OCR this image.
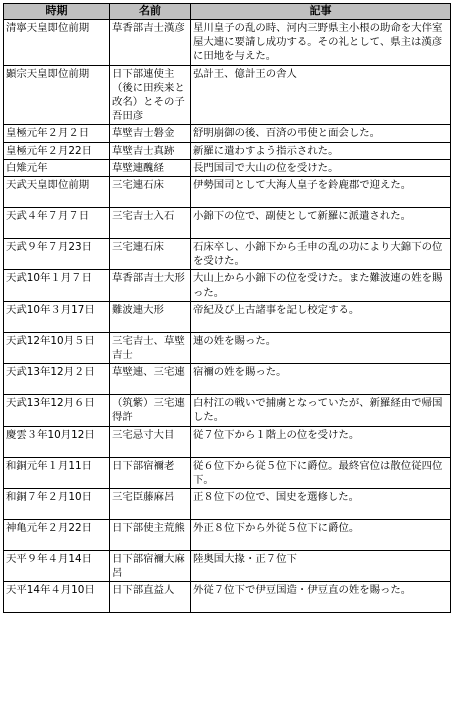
時期	名前	記事
清寧天皇即位前期	草香部吉士漢彦	星川皇子の乱の時、河内三野県主小根の助命を大伴室屋大連に要請し成功する。その礼として、県主は漢彦に田地を与えた。
顕宗天皇即位前期	日下部連使主（後に田疾来と改名）とその子吾田彦	弘計王、億計王の舎人
皇極元年２月２日	草壁吉士磐金	舒明崩御の後、百済の弔使と面会した。
皇極元年２月22日	草壁吉士真跡	新羅に遣わすよう指示された。
白雉元年	草壁連醜経	長門国司で大山の位を受けた。
天武天皇即位前期	三宅連石床	伊勢国司として大海人皇子を鈴鹿郡で迎えた。
天武４年７月７日	三宅吉士入石	小錦下の位で、副使として新羅に派遣された。
天武９年７月23日	三宅連石床	石床卒し、小錦下から壬申の乱の功により大錦下の位を受けた。
天武10年１月７日	草香部吉士大形	大山上から小錦下の位を受けた。また難波連の姓を賜った。
天武10年３月17日	難波連大形	帝紀及び上古諸事を記し校定する。
天武12年10月５日	三宅吉士、草壁吉士	連の姓を賜った。
天武13年12月２日	草壁連、三宅連	宿禰の姓を賜った。
天武13年12月６日	（筑紫）三宅連得許	白村江の戦いで捕虜となっていたが、新羅経由で帰国した。
慶雲３年10月12日	三宅忌寸大目	従７位下から１階上の位を受けた。
和銅元年１月11日	日下部宿禰老	従６位下から従５位下に爵位。最終官位は散位従四位下。
和銅７年２月10日	三宅臣藤麻呂	正８位下の位で、国史を選修した。
神亀元年２月22日	日下部使主荒熊	外正８位下から外従５位下に爵位。
天平９年４月14日	日下部宿禰大麻呂	陸奥国大掾・正７位下
天平14年４月10日	日下部直益人	外従７位下で伊豆国造・伊豆直の姓を賜った。
